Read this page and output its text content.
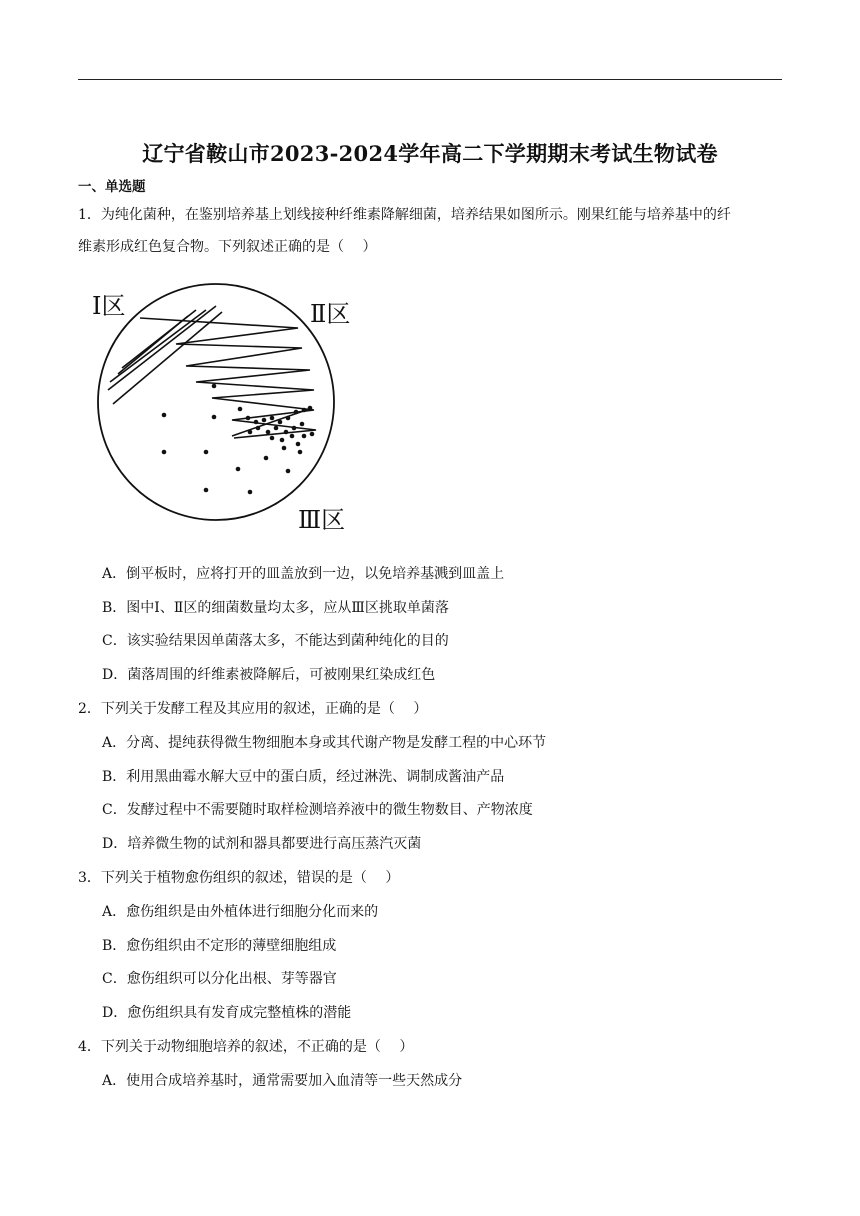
辽宁省鞍山市2023-2024学年高二下学期期末考试生物试卷
一、单选题
1．为纯化菌种，在鉴别培养基上划线接种纤维素降解细菌，培养结果如图所示。刚果红能与培养基中的纤
维素形成红色复合物。下列叙述正确的是（　 ）
Ⅰ区	Ⅱ区
Ⅲ区
A．倒平板时，应将打开的皿盖放到一边，以免培养基溅到皿盖上
B．图中Ⅰ、Ⅱ区的细菌数量均太多，应从Ⅲ区挑取单菌落
C．该实验结果因单菌落太多，不能达到菌种纯化的目的
D．菌落周围的纤维素被降解后，可被刚果红染成红色
2．下列关于发酵工程及其应用的叙述，正确的是（　 ）
A．分离、提纯获得微生物细胞本身或其代谢产物是发酵工程的中心环节
B．利用黑曲霉水解大豆中的蛋白质，经过淋洗、调制成酱油产品
C．发酵过程中不需要随时取样检测培养液中的微生物数目、产物浓度
D．培养微生物的试剂和器具都要进行高压蒸汽灭菌
3．下列关于植物愈伤组织的叙述，错误的是（　 ）
A．愈伤组织是由外植体进行细胞分化而来的
B．愈伤组织由不定形的薄壁细胞组成
C．愈伤组织可以分化出根、芽等器官
D．愈伤组织具有发育成完整植株的潜能
4．下列关于动物细胞培养的叙述，不正确的是（　 ）
A．使用合成培养基时，通常需要加入血清等一些天然成分
